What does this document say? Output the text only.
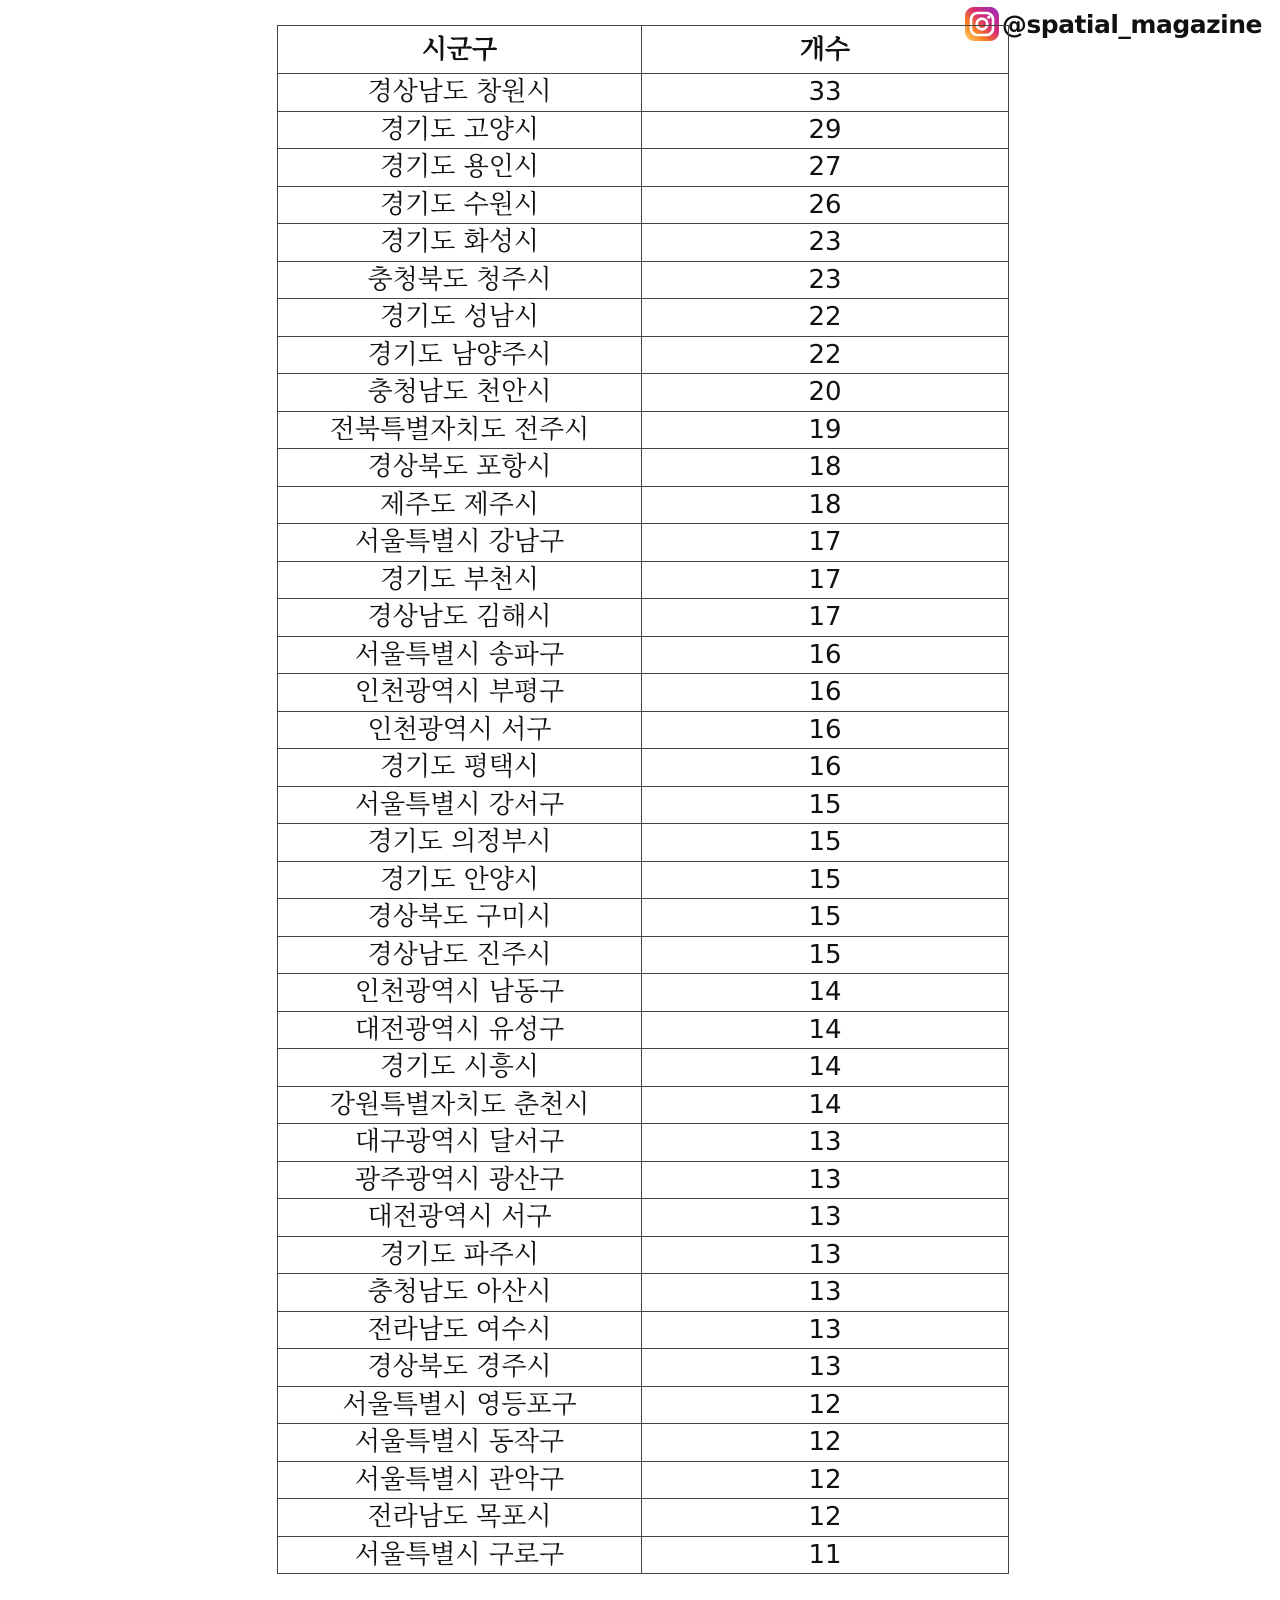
@spatial_magazine
시군구	개수
경상남도 창원시	33
경기도 고양시	29
경기도 용인시	27
경기도 수원시	26
경기도 화성시	23
충청북도 청주시	23
경기도 성남시	22
경기도 남양주시	22
충청남도 천안시	20
전북특별자치도 전주시	19
경상북도 포항시	18
제주도 제주시	18
서울특별시 강남구	17
경기도 부천시	17
경상남도 김해시	17
서울특별시 송파구	16
인천광역시 부평구	16
인천광역시 서구	16
경기도 평택시	16
서울특별시 강서구	15
경기도 의정부시	15
경기도 안양시	15
경상북도 구미시	15
경상남도 진주시	15
인천광역시 남동구	14
대전광역시 유성구	14
경기도 시흥시	14
강원특별자치도 춘천시	14
대구광역시 달서구	13
광주광역시 광산구	13
대전광역시 서구	13
경기도 파주시	13
충청남도 아산시	13
전라남도 여수시	13
경상북도 경주시	13
서울특별시 영등포구	12
서울특별시 동작구	12
서울특별시 관악구	12
전라남도 목포시	12
서울특별시 구로구	11
